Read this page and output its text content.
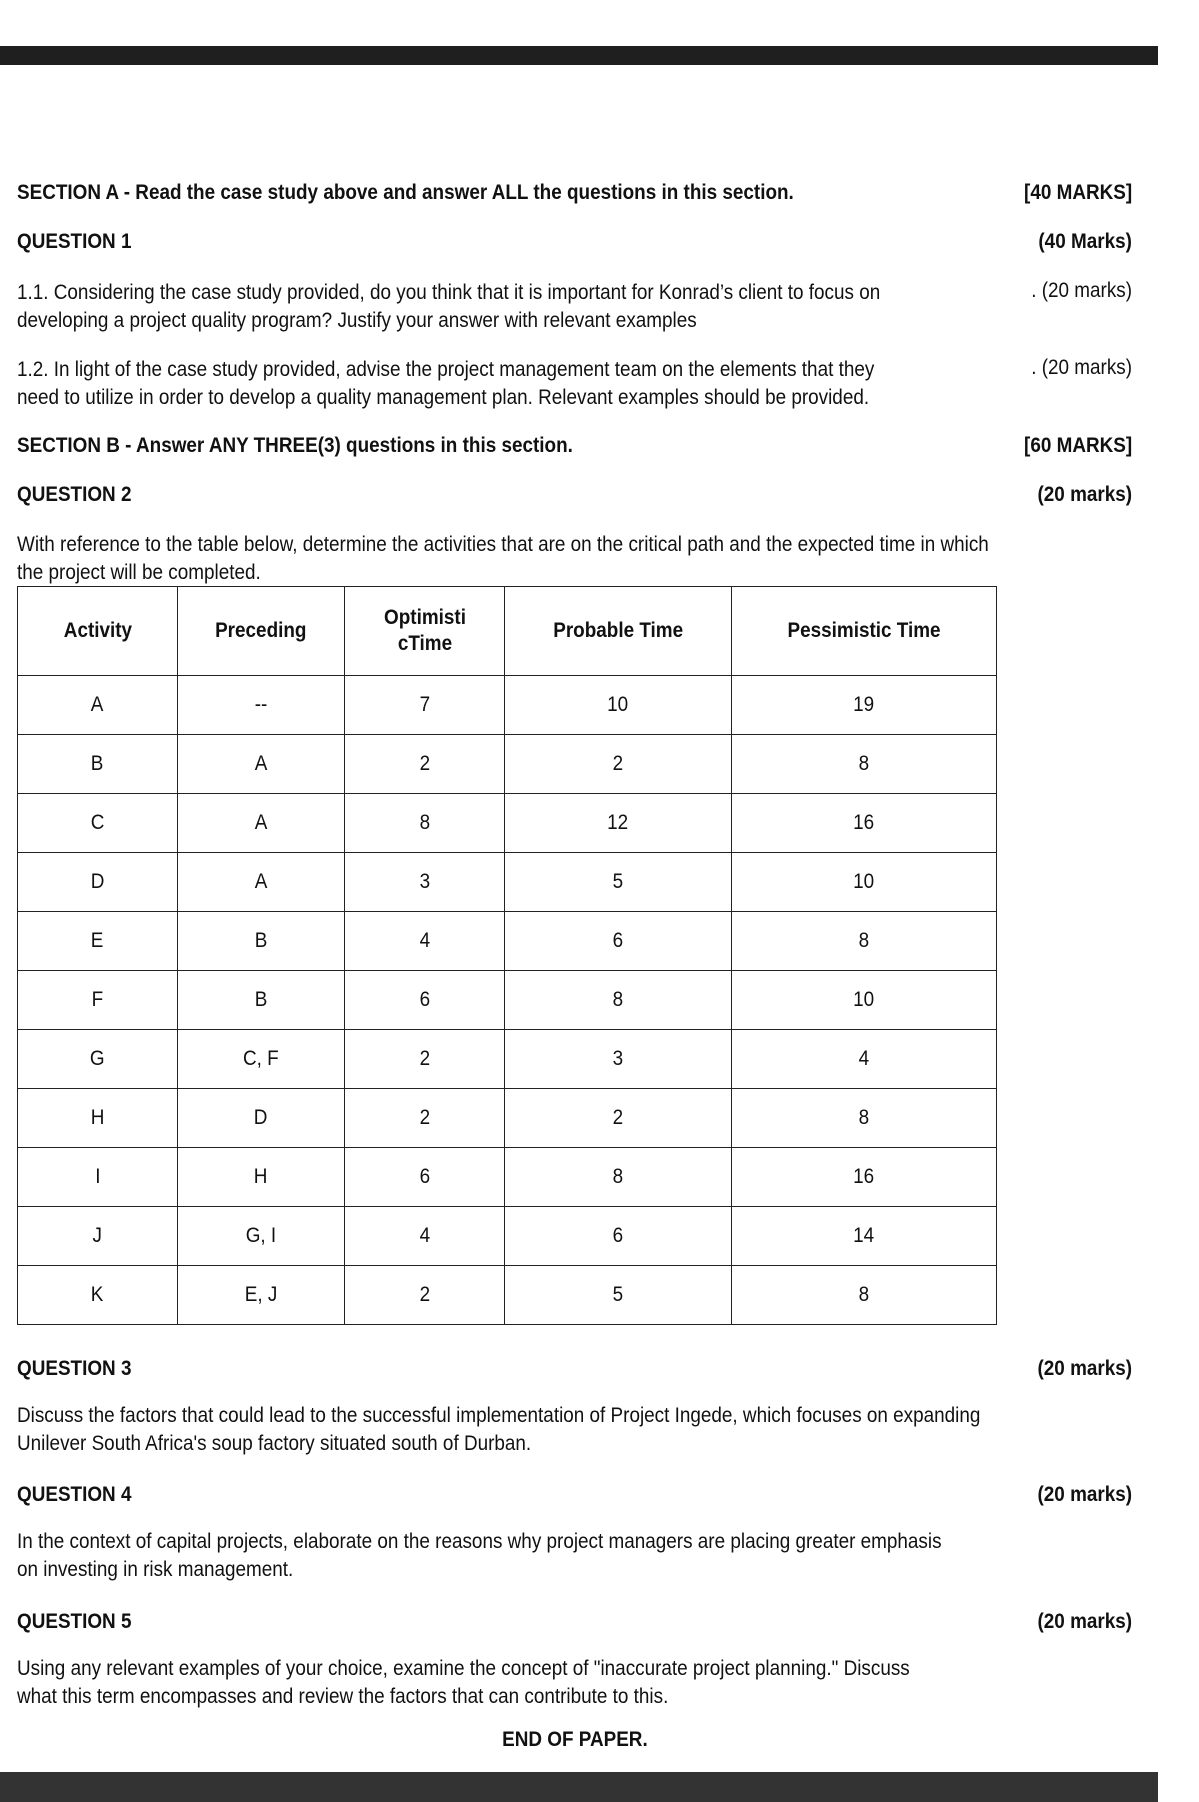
SECTION A - Read the case study above and answer ALL the questions in this section.	[40 MARKS]
QUESTION 1	(40 Marks)
1.1. Considering the case study provided, do you think that it is important for Konrad’s client to focus on developing a project quality program? Justify your answer with relevant examples
. (20 marks)
1.2. In light of the case study provided, advise the project management team on the elements that they need to utilize in order to develop a quality management plan. Relevant examples should be provided.
. (20 marks)
SECTION B - Answer ANY THREE(3) questions in this section.	[60 MARKS]
QUESTION 2	(20 marks)
With reference to the table below, determine the activities that are on the critical path and the expected time in which the project will be completed.
Activity	Preceding	Optimisti cTime	Probable Time	Pessimistic Time
A	--	7	10	19
B	A	2	2	8
C	A	8	12	16
D	A	3	5	10
E	B	4	6	8
F	B	6	8	10
G	C, F	2	3	4
H	D	2	2	8
I	H	6	8	16
J	G, I	4	6	14
K	E, J	2	5	8
QUESTION 3	(20 marks)
Discuss the factors that could lead to the successful implementation of Project Ingede, which focuses on expanding Unilever South Africa's soup factory situated south of Durban.
QUESTION 4	(20 marks)
In the context of capital projects, elaborate on the reasons why project managers are placing greater emphasis on investing in risk management.
QUESTION 5	(20 marks)
Using any relevant examples of your choice, examine the concept of "inaccurate project planning." Discuss what this term encompasses and review the factors that can contribute to this.
END OF PAPER.
